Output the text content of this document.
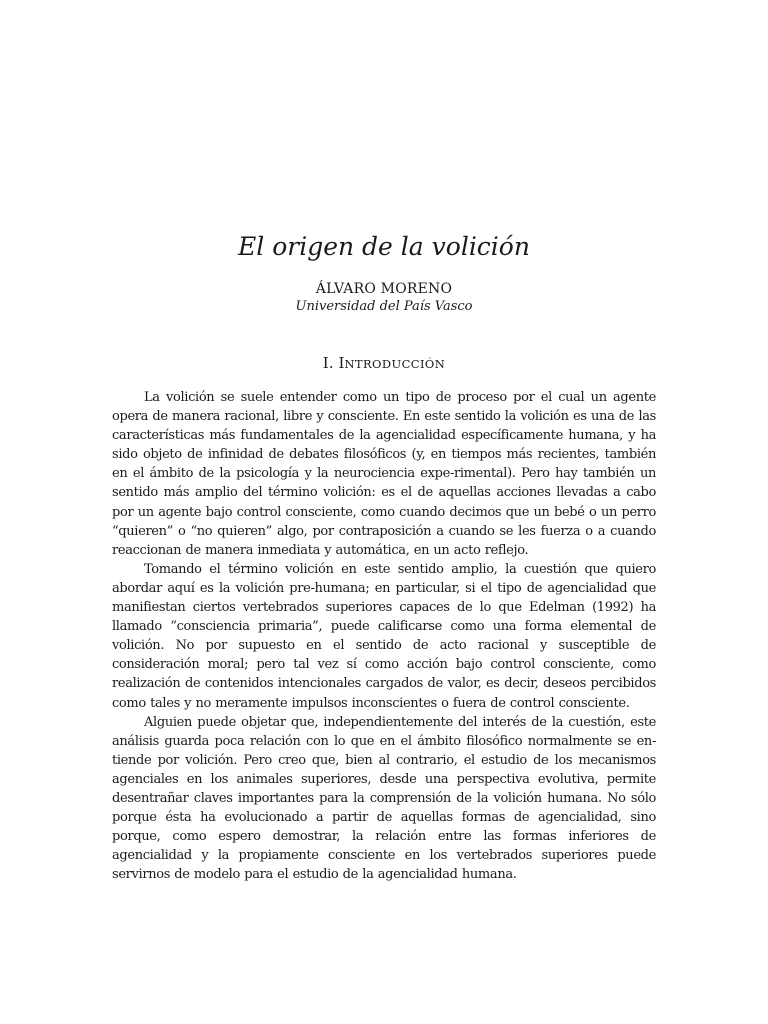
El origen de la volición
ÁLVARO MORENO
Universidad del País Vasco
I. INTRODUCCIÓN

La volición se suele entender como un tipo de proceso por el cual un agente opera de manera racional, libre y consciente. En este sentido la volición es una de las características más fundamentales de la agencialidad específicamente humana, y ha sido objeto de infinidad de debates filosóficos (y, en tiempos más recientes, también en el ámbito de la psicología y la neurociencia expe-rimental). Pero hay también un sentido más amplio del término volición: es el de aquellas acciones llevadas a cabo por un agente bajo control consciente, como cuando decimos que un bebé o un perro “quieren” o “no quieren” algo, por contraposición a cuando se les fuerza o a cuando reaccionan de manera inmediata y automática, en un acto reflejo.

Tomando el término volición en este sentido amplio, la cuestión que quiero abordar aquí es la volición pre-humana; en particular, si el tipo de agencialidad que manifiestan ciertos vertebrados superiores capaces de lo que Edelman (1992) ha llamado “consciencia primaria”, puede calificarse como una forma elemental de volición. No por supuesto en el sentido de acto racional y susceptible de consideración moral; pero tal vez sí como acción bajo control consciente, como realización de contenidos intencionales cargados de valor, es decir, deseos percibidos como tales y no meramente impulsos inconscientes o fuera de control consciente.

Alguien puede objetar que, independientemente del interés de la cuestión, este análisis guarda poca relación con lo que en el ámbito filosófico normalmente se en-tiende por volición. Pero creo que, bien al contrario, el estudio de los mecanismos agenciales en los animales superiores, desde una perspectiva evolutiva, permite desentrañar claves importantes para la comprensión de la volición humana. No sólo porque ésta ha evolucionado a partir de aquellas formas de agencialidad, sino porque, como espero demostrar, la relación entre las formas inferiores de agencialidad y la propiamente consciente en los vertebrados superiores puede servirnos de modelo para el estudio de la agencialidad humana.
